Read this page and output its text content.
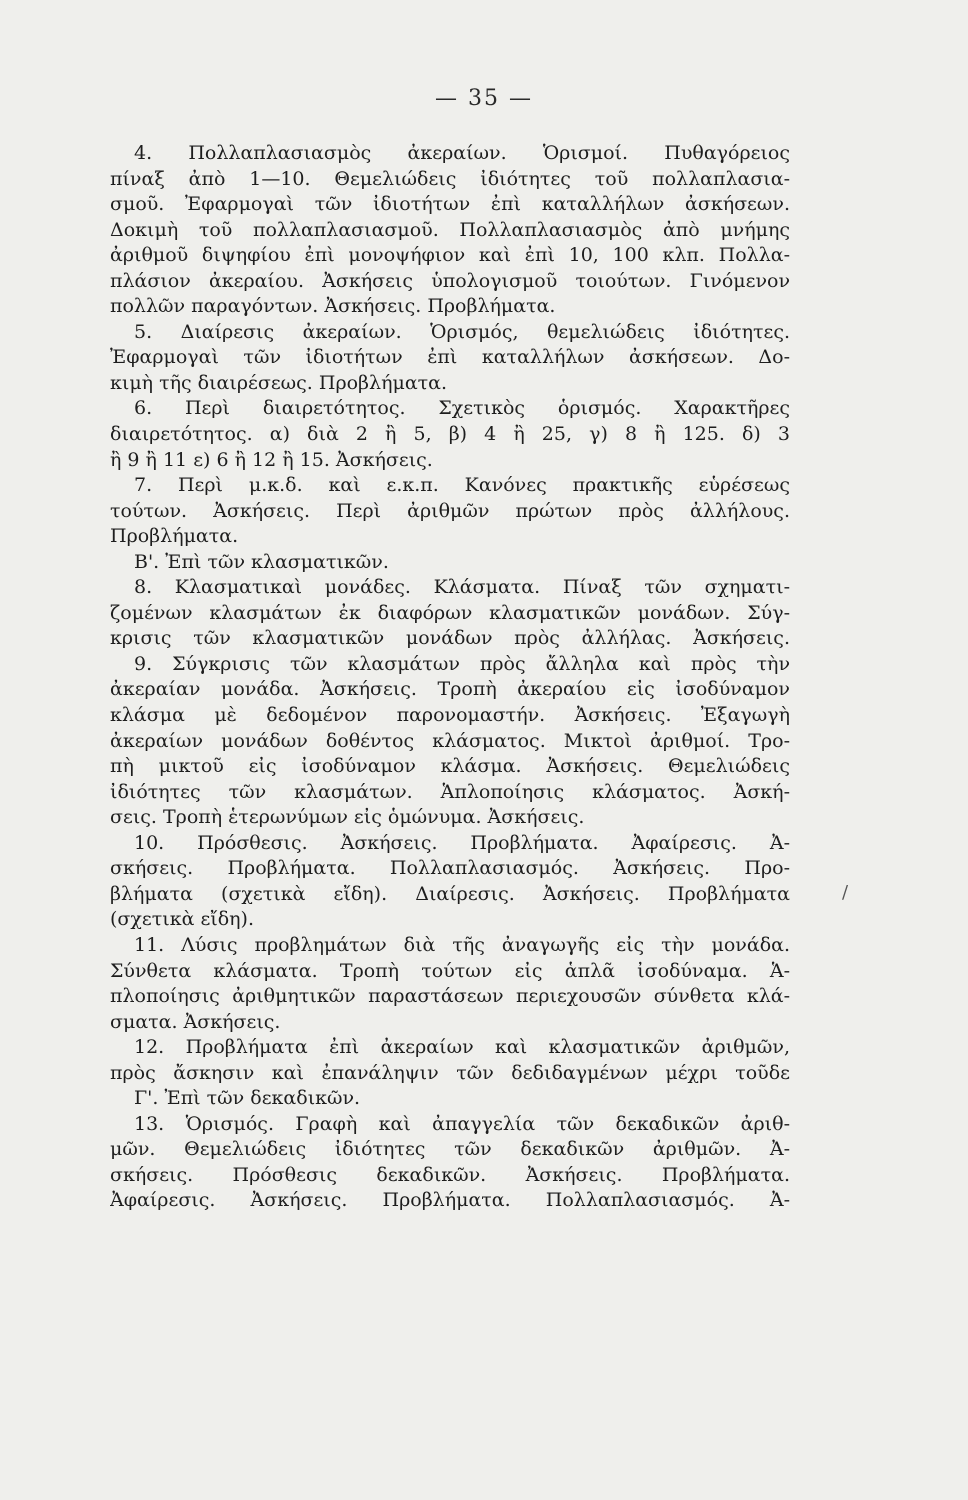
— 35 —
4. Πολλαπλασιασμὸς ἀκεραίων. Ὁρισμοί. Πυθαγόρειος
πίναξ ἀπὸ 1—10. Θεμελιώδεις ἰδιότητες τοῦ πολλαπλασια-
σμοῦ. Ἐφαρμογαὶ τῶν ἰδιοτήτων ἐπὶ καταλλήλων ἀσκήσεων.
Δοκιμὴ τοῦ πολλαπλασιασμοῦ. Πολλαπλασιασμὸς ἀπὸ μνήμης
ἀριθμοῦ διψηφίου ἐπὶ μονοψήφιον καὶ ἐπὶ 10, 100 κλπ. Πολλα-
πλάσιον ἀκεραίου. Ἀσκήσεις ὑπολογισμοῦ τοιούτων. Γινόμενον
πολλῶν παραγόντων. Ἀσκήσεις. Προβλήματα.
5. Διαίρεσις ἀκεραίων. Ὁρισμός, θεμελιώδεις ἰδιότητες.
Ἐφαρμογαὶ τῶν ἰδιοτήτων ἐπὶ καταλλήλων ἀσκήσεων. Δο-
κιμὴ τῆς διαιρέσεως. Προβλήματα.
6. Περὶ διαιρετότητος. Σχετικὸς ὁρισμός. Χαρακτῆρες
διαιρετότητος. α) διὰ 2 ἢ 5, β) 4 ἢ 25, γ) 8 ἢ 125. δ) 3
ἢ 9 ἢ 11 ε) 6 ἢ 12 ἢ 15. Ἀσκήσεις.
7. Περὶ μ.κ.δ. καὶ ε.κ.π. Κανόνες πρακτικῆς εὑρέσεως
τούτων. Ἀσκήσεις. Περὶ ἀριθμῶν πρώτων πρὸς ἀλλήλους.
Προβλήματα.
Β'. Ἐπὶ τῶν κλασματικῶν.
8. Κλασματικαὶ μονάδες. Κλάσματα. Πίναξ τῶν σχηματι-
ζομένων κλασμάτων ἐκ διαφόρων κλασματικῶν μονάδων. Σύγ-
κρισις τῶν κλασματικῶν μονάδων πρὸς ἀλλήλας. Ἀσκήσεις.
9. Σύγκρισις τῶν κλασμάτων πρὸς ἄλληλα καὶ πρὸς τὴν
ἀκεραίαν μονάδα. Ἀσκήσεις. Τροπὴ ἀκεραίου εἰς ἰσοδύναμον
κλάσμα μὲ δεδομένον παρονομαστήν. Ἀσκήσεις. Ἐξαγωγὴ
ἀκεραίων μονάδων δοθέντος κλάσματος. Μικτοὶ ἀριθμοί. Τρο-
πὴ μικτοῦ εἰς ἰσοδύναμον κλάσμα. Ἀσκήσεις. Θεμελιώδεις
ἰδιότητες τῶν κλασμάτων. Ἁπλοποίησις κλάσματος. Ἀσκή-
σεις. Τροπὴ ἑτερωνύμων εἰς ὁμώνυμα. Ἀσκήσεις.
10. Πρόσθεσις. Ἀσκήσεις. Προβλήματα. Ἀφαίρεσις. Ἀ-
σκήσεις. Προβλήματα. Πολλαπλασιασμός. Ἀσκήσεις. Προ-
βλήματα (σχετικὰ εἴδη). Διαίρεσις. Ἀσκήσεις. Προβλήματα
(σχετικὰ εἴδη).
11. Λύσις προβλημάτων διὰ τῆς ἀναγωγῆς εἰς τὴν μονάδα.
Σύνθετα κλάσματα. Τροπὴ τούτων εἰς ἁπλᾶ ἰσοδύναμα. Ἁ-
πλοποίησις ἀριθμητικῶν παραστάσεων περιεχουσῶν σύνθετα κλά-
σματα. Ἀσκήσεις.
12. Προβλήματα ἐπὶ ἀκεραίων καὶ κλασματικῶν ἀριθμῶν,
πρὸς ἄσκησιν καὶ ἐπανάληψιν τῶν δεδιδαγμένων μέχρι τοῦδε
Γ'. Ἐπὶ τῶν δεκαδικῶν.
13. Ὁρισμός. Γραφὴ καὶ ἀπαγγελία τῶν δεκαδικῶν ἀριθ-
μῶν. Θεμελιώδεις ἰδιότητες τῶν δεκαδικῶν ἀριθμῶν. Ἀ-
σκήσεις. Πρόσθεσις δεκαδικῶν. Ἀσκήσεις. Προβλήματα.
Ἀφαίρεσις. Ἀσκήσεις. Προβλήματα. Πολλαπλασιασμός. Ἀ-
/
